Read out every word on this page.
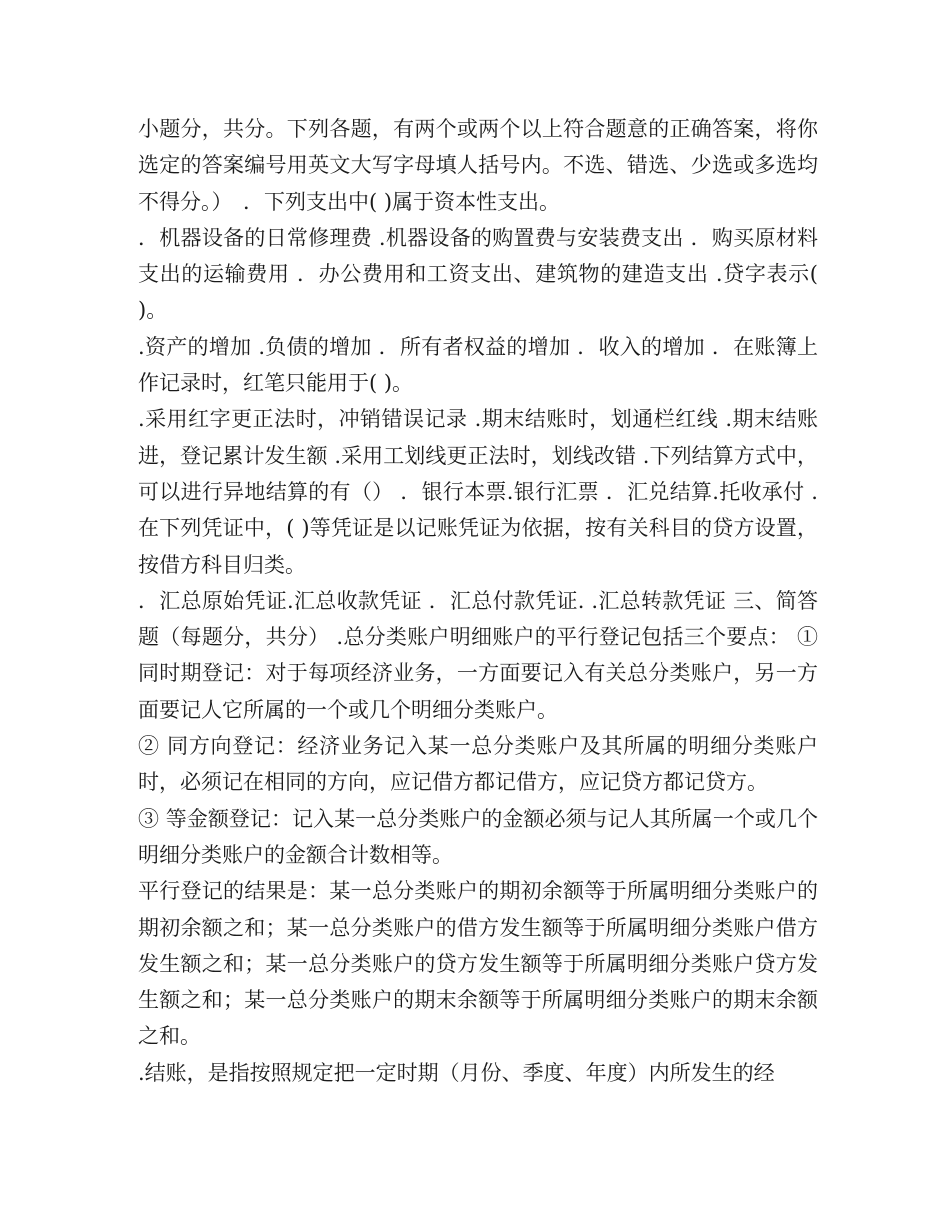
小题分，共分。下列各题，有两个或两个以上符合题意的正确答案，将你选定的答案编号用英文大写字母填人括号内。不选、错选、少选或多选均不得分。）　．下列支出中( )属于资本性支出。

．机器设备的日常修理费 .机器设备的购置费与安装费支出 ．购买原材料支出的运输费用 ．办公费用和工资支出、建筑物的建造支出 .贷字表示( )。

.资产的增加 .负债的增加 ．所有者权益的增加 ．收入的增加 ．在账簿上作记录时，红笔只能用于( )。

.采用红字更正法时，冲销错误记录 .期末结账时，划通栏红线 .期末结账进，登记累计发生额 .采用工划线更正法时，划线改错 .下列结算方式中，可以进行异地结算的有（） ．银行本票.银行汇票 ．汇兑结算.托收承付 .在下列凭证中，( )等凭证是以记账凭证为依据，按有关科目的贷方设置，按借方科目归类。

．汇总原始凭证.汇总收款凭证 ．汇总付款凭证. .汇总转款凭证 三、简答题（每题分，共分） .总分类账户明细账户的平行登记包括三个要点： ①同时期登记：对于每项经济业务，一方面要记入有关总分类账户，另一方面要记人它所属的一个或几个明细分类账户。

② 同方向登记：经济业务记入某一总分类账户及其所属的明细分类账户时，必须记在相同的方向，应记借方都记借方，应记贷方都记贷方。

③ 等金额登记：记入某一总分类账户的金额必须与记人其所属一个或几个明细分类账户的金额合计数相等。

平行登记的结果是：某一总分类账户的期初余额等于所属明细分类账户的期初余额之和；某一总分类账户的借方发生额等于所属明细分类账户借方发生额之和；某一总分类账户的贷方发生额等于所属明细分类账户贷方发生额之和；某一总分类账户的期末余额等于所属明细分类账户的期末余额之和。

.结账，是指按照规定把一定时期（月份、季度、年度）内所发生的经
